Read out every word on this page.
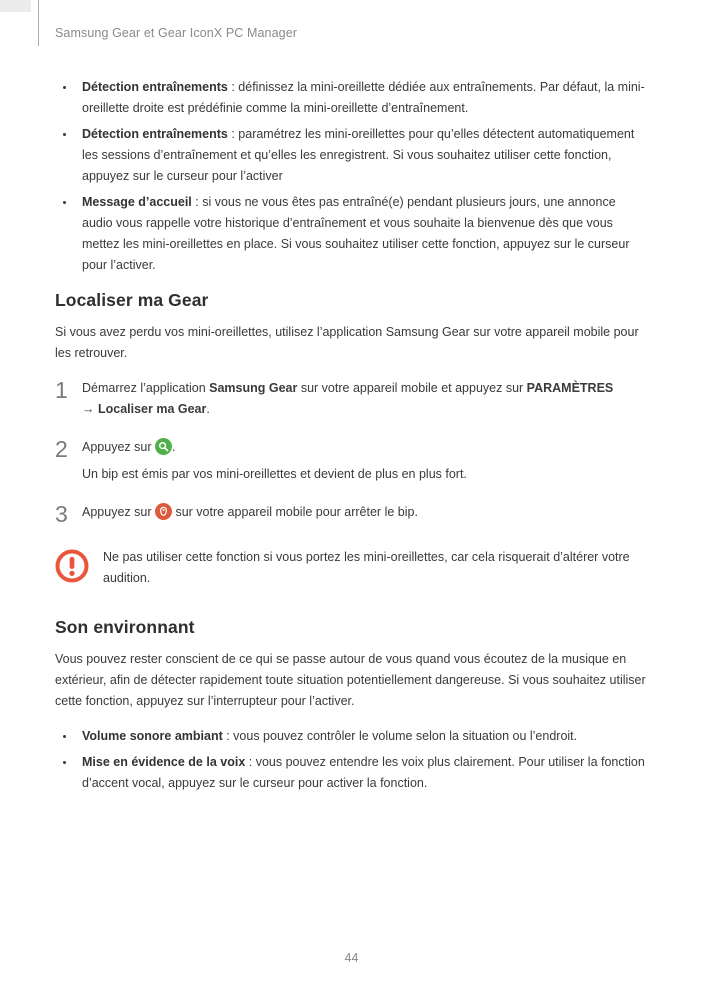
Samsung Gear et Gear IconX PC Manager
Détection entraînements : définissez la mini-oreillette dédiée aux entraînements. Par défaut, la mini-oreillette droite est prédéfinie comme la mini-oreillette d’entraînement.
Détection entraînements : paramétrez les mini-oreillettes pour qu’elles détectent automatiquement les sessions d’entraînement et qu’elles les enregistrent. Si vous souhaitez utiliser cette fonction, appuyez sur le curseur pour l’activer
Message d’accueil : si vous ne vous êtes pas entraîné(e) pendant plusieurs jours, une annonce audio vous rappelle votre historique d’entraînement et vous souhaite la bienvenue dès que vous mettez les mini-oreillettes en place. Si vous souhaitez utiliser cette fonction, appuyez sur le curseur pour l’activer.
Localiser ma Gear

Si vous avez perdu vos mini-oreillettes, utilisez l’application Samsung Gear sur votre appareil mobile pour les retrouver.

1	Démarrez l’application Samsung Gear sur votre appareil mobile et appuyez sur PARAMÈTRES
→ Localiser ma Gear.
2	Appuyez sur .
Un bip est émis par vos mini-oreillettes et devient de plus en plus fort.
3	Appuyez sur  sur votre appareil mobile pour arrêter le bip.
Ne pas utiliser cette fonction si vous portez les mini-oreillettes, car cela risquerait d’altérer votre audition.
Son environnant

Vous pouvez rester conscient de ce qui se passe autour de vous quand vous écoutez de la musique en extérieur, afin de détecter rapidement toute situation potentiellement dangereuse. Si vous souhaitez utiliser cette fonction, appuyez sur l’interrupteur pour l’activer.

Volume sonore ambiant : vous pouvez contrôler le volume selon la situation ou l’endroit.
Mise en évidence de la voix : vous pouvez entendre les voix plus clairement. Pour utiliser la fonction d’accent vocal, appuyez sur le curseur pour activer la fonction.
44
